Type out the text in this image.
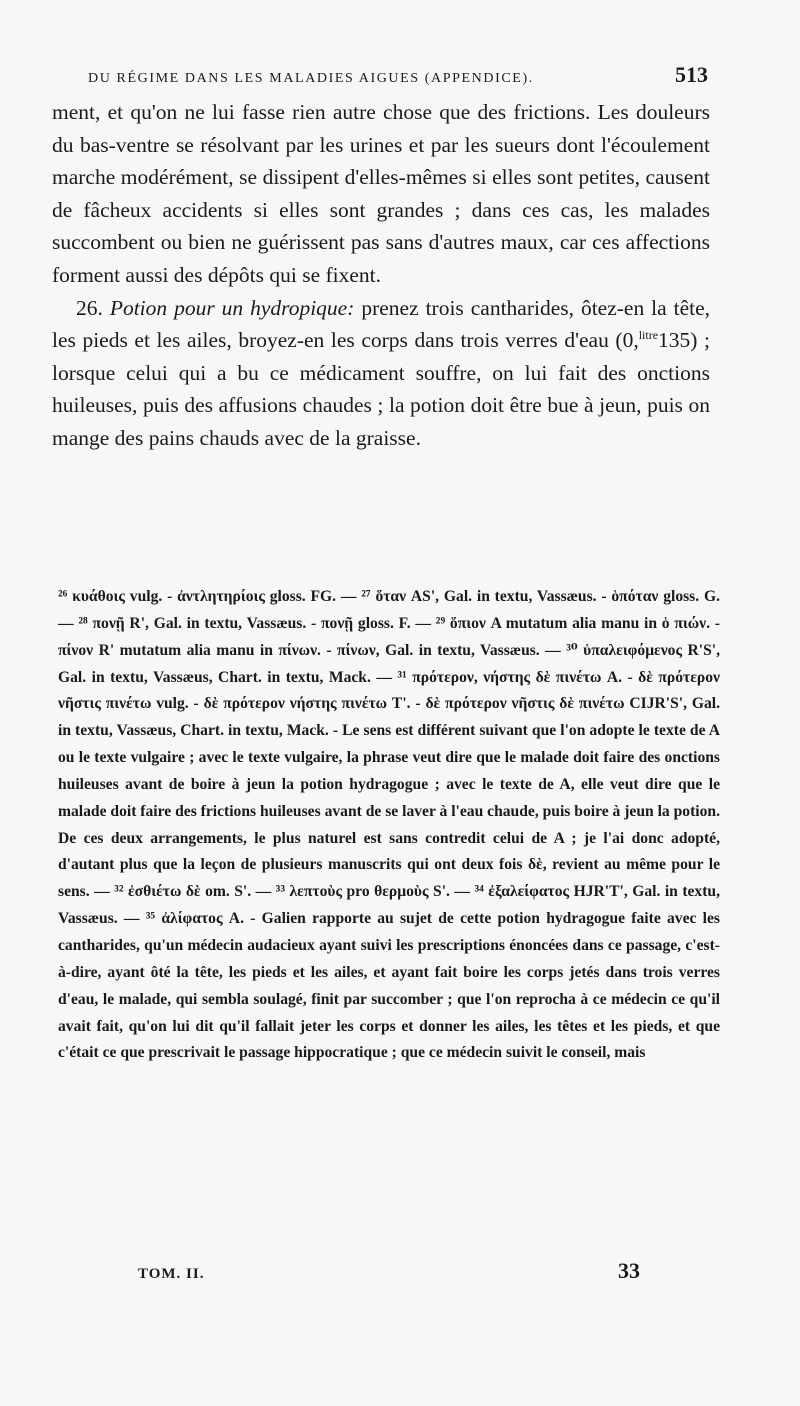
DU RÉGIME DANS LES MALADIES AIGUES (APPENDICE).	513

ment, et qu'on ne lui fasse rien autre chose que des frictions. Les douleurs du bas-ventre se résolvant par les urines et par les sueurs dont l'écoulement marche modérément, se dissipent d'elles-mêmes si elles sont petites, causent de fâcheux accidents si elles sont grandes ; dans ces cas, les malades succombent ou bien ne guérissent pas sans d'autres maux, car ces affections forment aussi des dépôts qui se fixent.

26. Potion pour un hydropique: prenez trois cantharides, ôtez-en la tête, les pieds et les ailes, broyez-en les corps dans trois verres d'eau (0,$^{litre}$135) ; lorsque celui qui a bu ce médicament souffre, on lui fait des onctions huileuses, puis des affusions chaudes ; la potion doit être bue à jeun, puis on mange des pains chauds avec de la graisse.

²⁶ κυάθοις vulg. - ἀντλητηρίοις gloss. FG. — ²⁷ ὅταν AS', Gal. in textu, Vassæus. - ὁπόταν gloss. G. — ²⁸ πονῇ R', Gal. in textu, Vassæus. - πονῇ gloss. F. — ²⁹ ὅπιον A mutatum alia manu in ὁ πιών. - πίνον R' mutatum alia manu in πίνων. - πίνων, Gal. in textu, Vassæus. — ³⁰ ὑπαλειφόμενος R'S', Gal. in textu, Vassæus, Chart. in textu, Mack. — ³¹ πρότερον, νήστης δὲ πινέτω A. - δὲ πρότερον νῆστις πινέτω vulg. - δὲ πρότερον νήστης πινέτω T'. - δὲ πρότερον νῆστις δὲ πινέτω CIJR'S', Gal. in textu, Vassæus, Chart. in textu, Mack. - Le sens est différent suivant que l'on adopte le texte de A ou le texte vulgaire ; avec le texte vulgaire, la phrase veut dire que le malade doit faire des onctions huileuses avant de boire à jeun la potion hydragogue ; avec le texte de A, elle veut dire que le malade doit faire des frictions huileuses avant de se laver à l'eau chaude, puis boire à jeun la potion. De ces deux arrangements, le plus naturel est sans contredit celui de A ; je l'ai donc adopté, d'autant plus que la leçon de plusieurs manuscrits qui ont deux fois δὲ, revient au même pour le sens. — ³² ἐσθιέτω δὲ om. S'. — ³³ λεπτοὺς pro θερμοὺς S'. — ³⁴ ἐξαλείφατος HJR'T', Gal. in textu, Vassæus. — ³⁵ ἀλίφατος A. - Galien rapporte au sujet de cette potion hydragogue faite avec les cantharides, qu'un médecin audacieux ayant suivi les prescriptions énoncées dans ce passage, c'est-à-dire, ayant ôté la tête, les pieds et les ailes, et ayant fait boire les corps jetés dans trois verres d'eau, le malade, qui sembla soulagé, finit par succomber ; que l'on reprocha à ce médecin ce qu'il avait fait, qu'on lui dit qu'il fallait jeter les corps et donner les ailes, les têtes et les pieds, et que c'était ce que prescrivait le passage hippocratique ; que ce médecin suivit le conseil, mais

TOM. II.	33
